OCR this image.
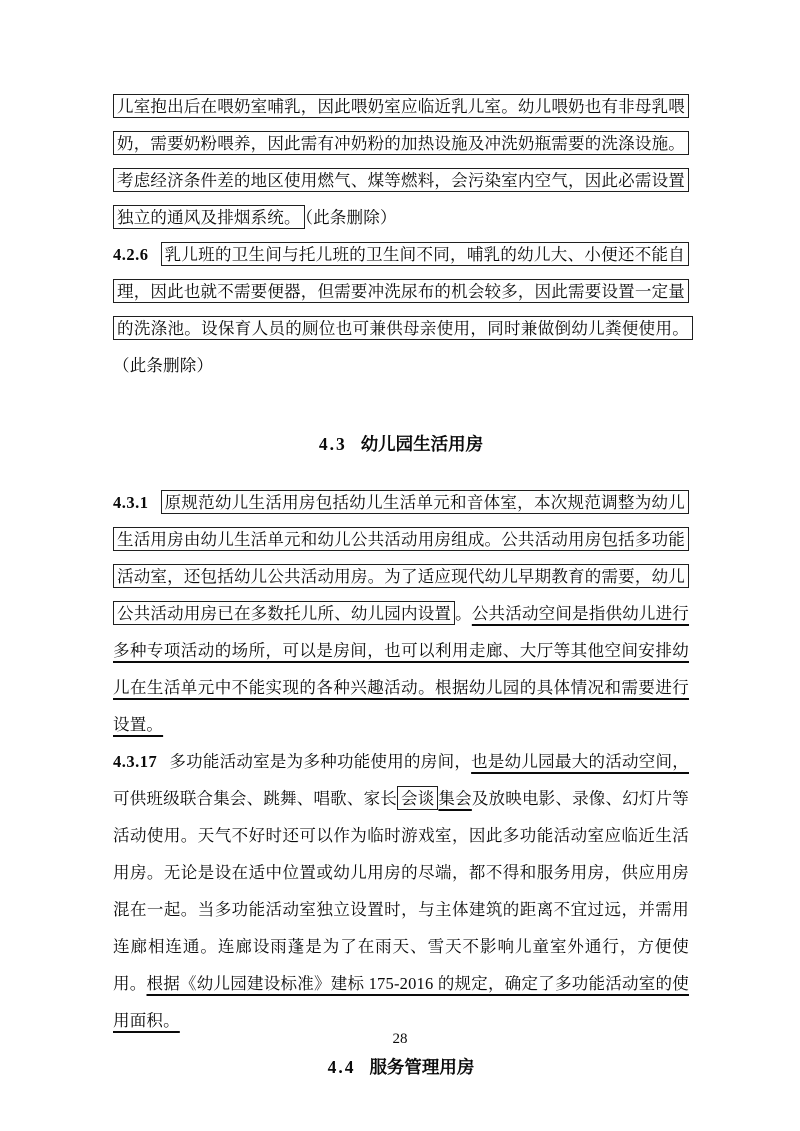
儿室抱出后在喂奶室哺乳，因此喂奶室应临近乳儿室。幼儿喂奶也有非母乳喂奶，需要奶粉喂养，因此需有冲奶粉的加热设施及冲洗奶瓶需要的洗涤设施。考虑经济条件差的地区使用燃气、煤等燃料，会污染室内空气，因此必需设置独立的通风及排烟系统。 （此条删除）

4.2.6 乳儿班的卫生间与托儿班的卫生间不同，哺乳的幼儿大、小便还不能自理，因此也就不需要便器，但需要冲洗尿布的机会较多，因此需要设置一定量的洗涤池。设保育人员的厕位也可兼供母亲使用，同时兼做倒幼儿粪便使用。（此条删除）

4.3 幼儿园生活用房

4.3.1 原规范幼儿生活用房包括幼儿生活单元和音体室，本次规范调整为幼儿生活用房由幼儿生活单元和幼儿公共活动用房组成。公共活动用房包括多功能活动室，还包括幼儿公共活动用房。为了适应现代幼儿早期教育的需要，幼儿公共活动用房已在多数托儿所、幼儿园内设置 。公共活动空间是指供幼儿进行多种专项活动的场所，可以是房间，也可以利用走廊、大厅等其他空间安排幼儿在生活单元中不能实现的各种兴趣活动。根据幼儿园的具体情况和需要进行设置。

4.3.17 多功能活动室是为多种功能使用的房间，也是幼儿园最大的活动空间，可供班级联合集会、跳舞、唱歌、家长 会谈 集会及放映电影、录像、幻灯片等活动使用。天气不好时还可以作为临时游戏室，因此多功能活动室应临近生活用房。无论是设在适中位置或幼儿用房的尽端，都不得和服务用房，供应用房混在一起。当多功能活动室独立设置时，与主体建筑的距离不宜过远，并需用连廊相连通。连廊设雨蓬是为了在雨天、雪天不影响儿童室外通行，方便使用。根据《幼儿园建设标准》建标 175-2016 的规定，确定了多功能活动室的使用面积。

4.4 服务管理用房
28
